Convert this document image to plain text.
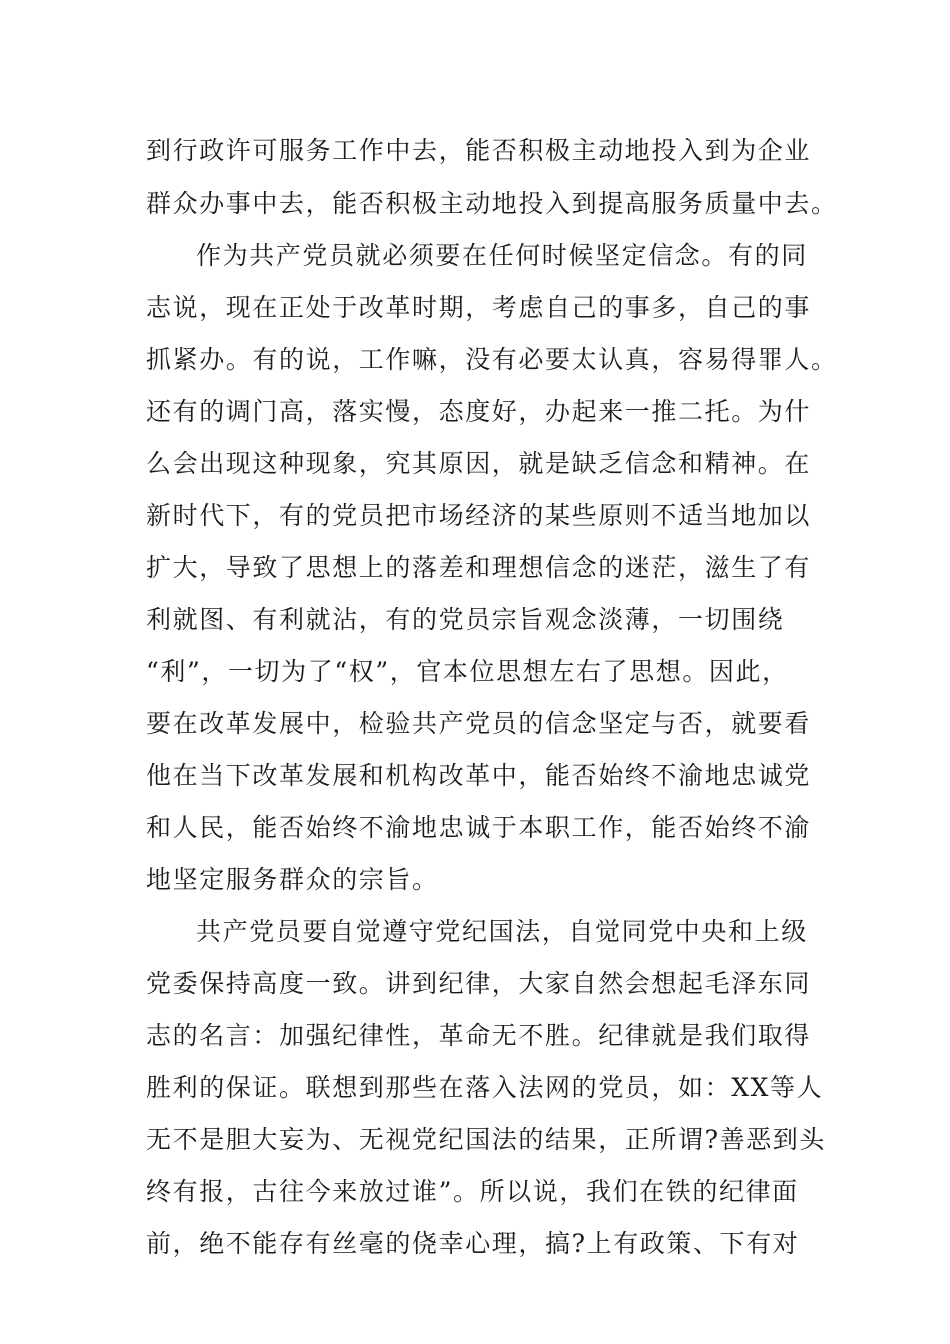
到行政许可服务工作中去，能否积极主动地投入到为企业
群众办事中去，能否积极主动地投入到提高服务质量中去。
作为共产党员就必须要在任何时候坚定信念。有的同
志说，现在正处于改革时期，考虑自己的事多，自己的事
抓紧办。有的说，工作嘛，没有必要太认真，容易得罪人。
还有的调门高，落实慢，态度好，办起来一推二托。为什
么会出现这种现象，究其原因，就是缺乏信念和精神。在
新时代下，有的党员把市场经济的某些原则不适当地加以
扩大，导致了思想上的落差和理想信念的迷茫，滋生了有
利就图、有利就沾，有的党员宗旨观念淡薄，一切围绕
“利”，一切为了“权”，官本位思想左右了思想。因此，
要在改革发展中，检验共产党员的信念坚定与否，就要看
他在当下改革发展和机构改革中，能否始终不渝地忠诚党
和人民，能否始终不渝地忠诚于本职工作，能否始终不渝
地坚定服务群众的宗旨。
共产党员要自觉遵守党纪国法，自觉同党中央和上级
党委保持高度一致。讲到纪律，大家自然会想起毛泽东同
志的名言：加强纪律性，革命无不胜。纪律就是我们取得
胜利的保证。联想到那些在落入法网的党员，如：XX等人
无不是胆大妄为、无视党纪国法的结果，正所谓?善恶到头
终有报，古往今来放过谁”。所以说，我们在铁的纪律面
前，绝不能存有丝毫的侥幸心理，搞?上有政策、下有对
